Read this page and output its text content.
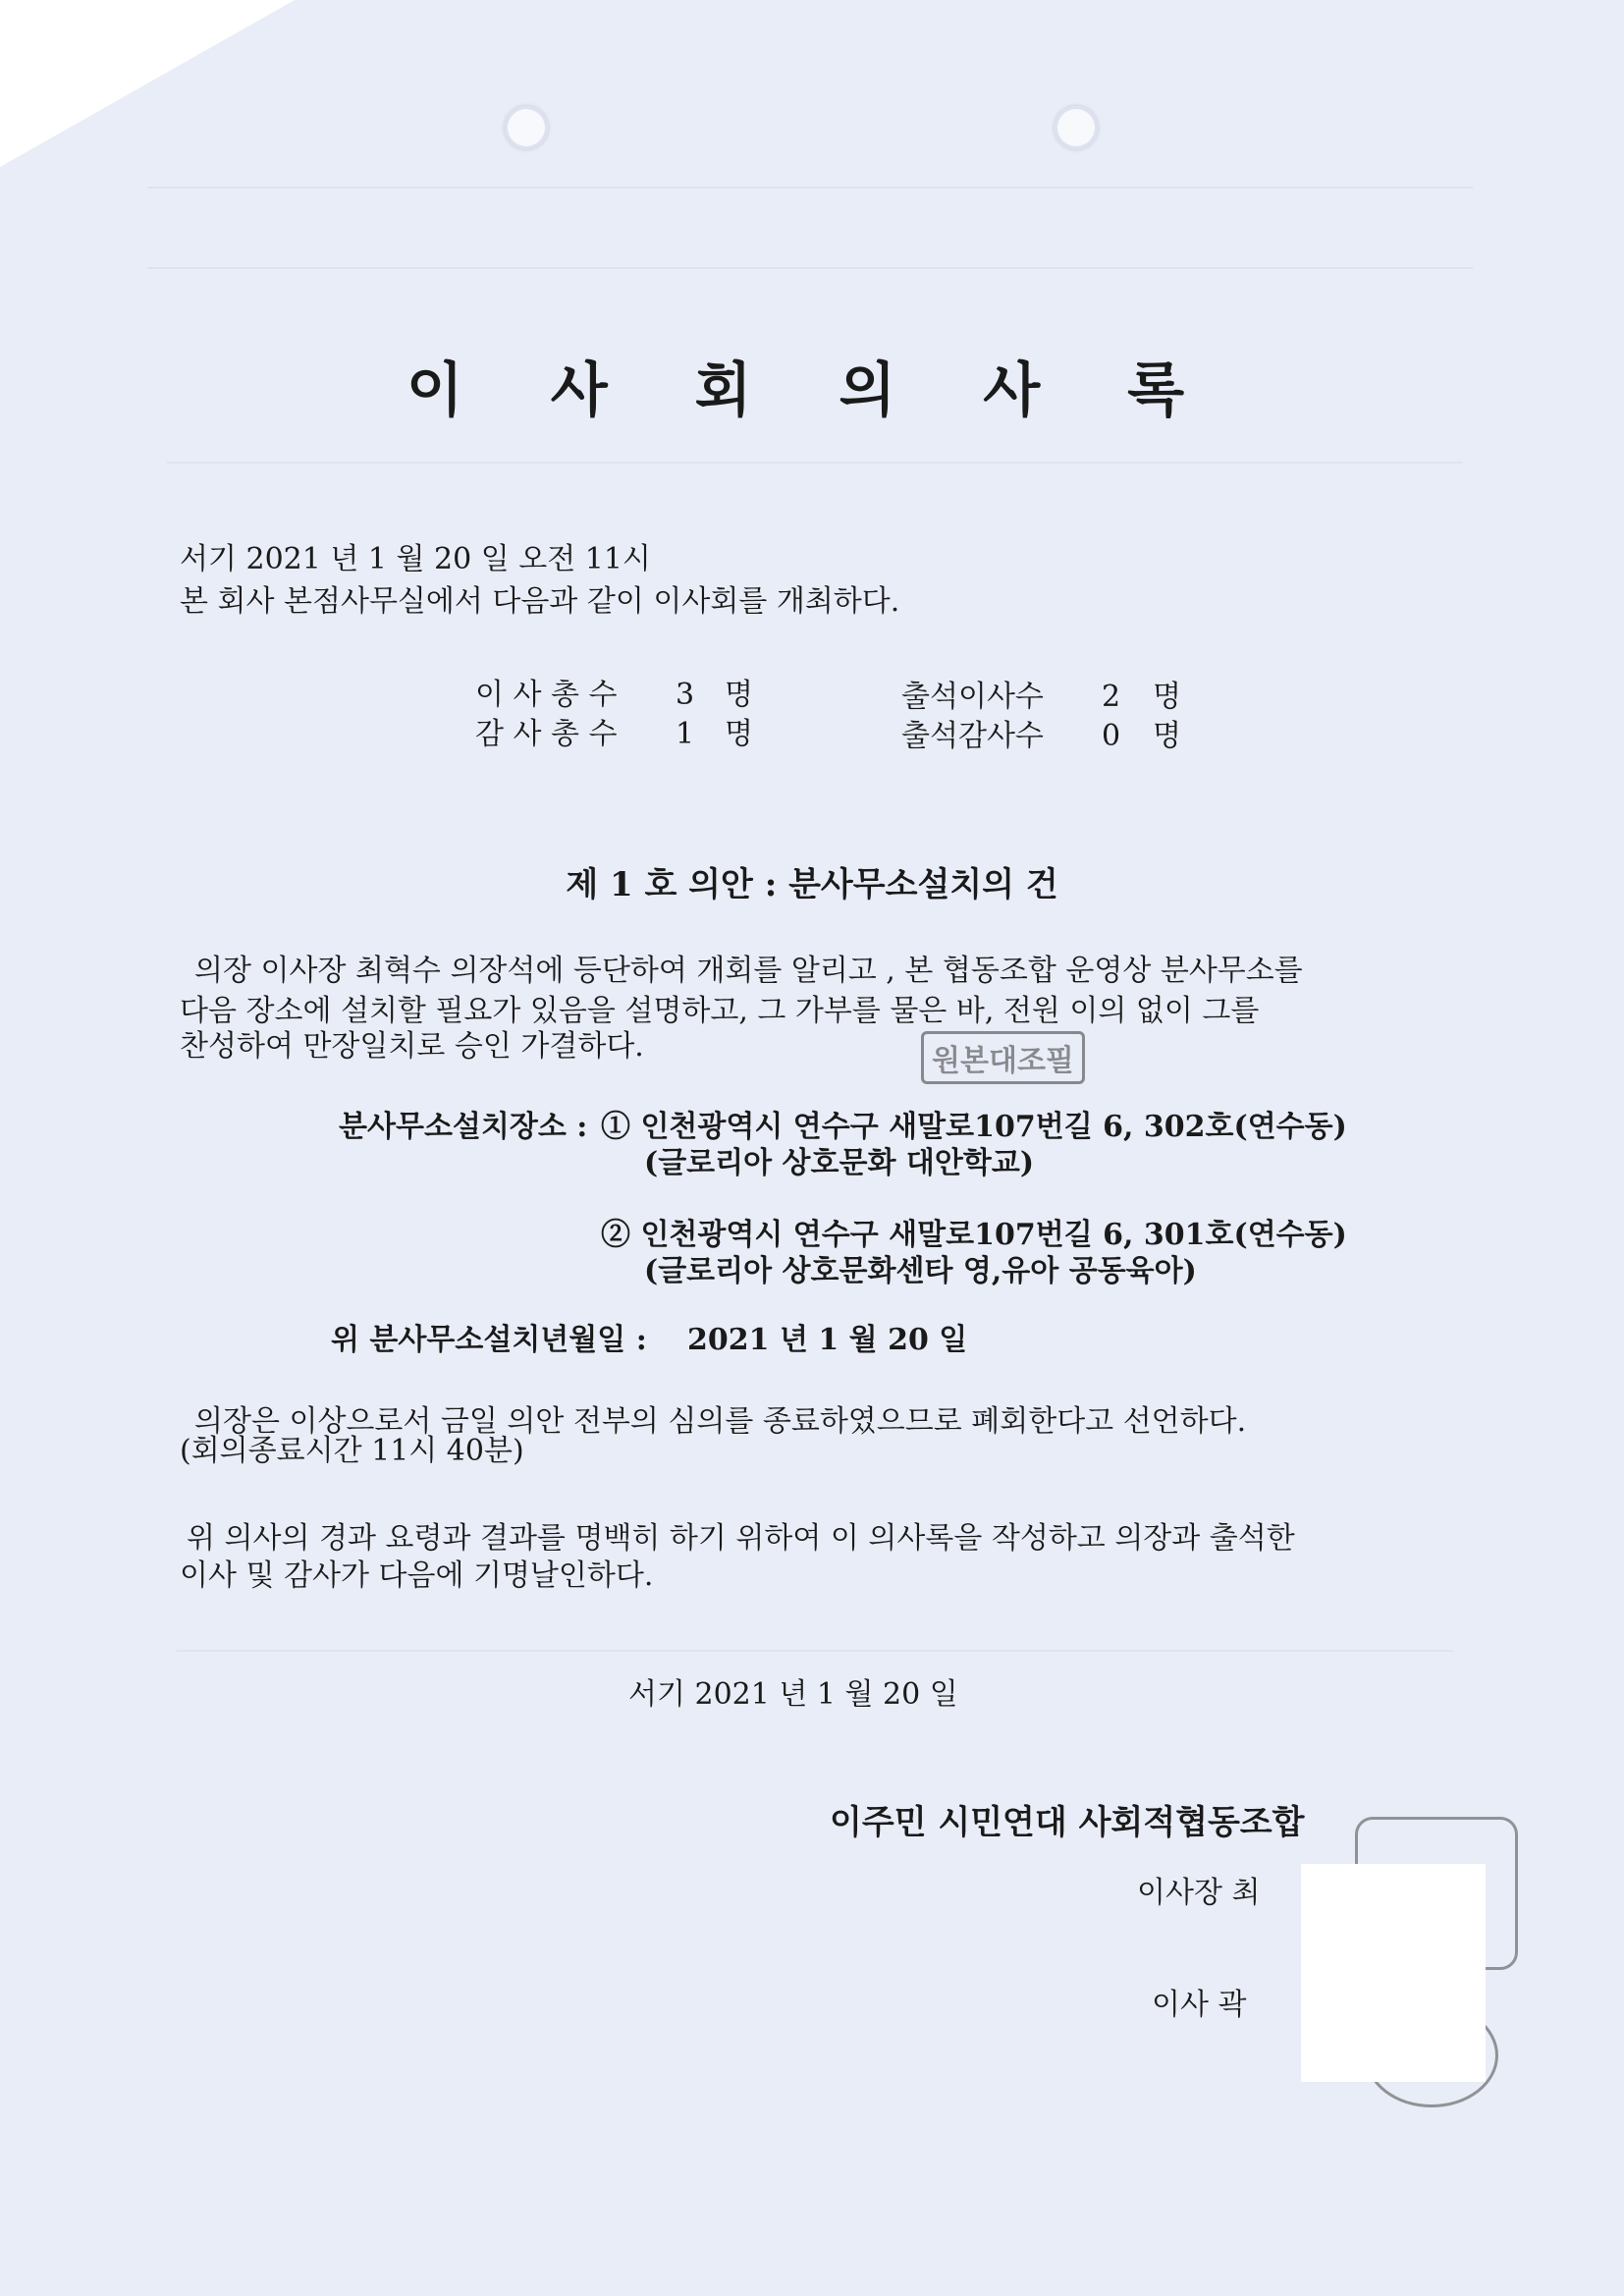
이 사 회 의 사 록
서기 2021 년 1 월 20 일 오전 11시
본 회사 본점사무실에서 다음과 같이 이사회를 개최하다.
이 사 총 수 3 명
감 사 총 수 1 명
출석이사수 2 명
출석감사수 0 명
제 1 호 의안 : 분사무소설치의 건
의장 이사장 최혁수 의장석에 등단하여 개회를 알리고 , 본 협동조합 운영상 분사무소를
다음 장소에 설치할 필요가 있음을 설명하고, 그 가부를 물은 바, 전원 이의 없이 그를
찬성하여 만장일치로 승인 가결하다.	원본대조필
분사무소설치장소 : ① 인천광역시 연수구 새말로107번길 6, 302호(연수동)
(글로리아 상호문화 대안학교)
② 인천광역시 연수구 새말로107번길 6, 301호(연수동)
(글로리아 상호문화센타 영,유아 공동육아)
위 분사무소설치년월일 : 2021 년 1 월 20 일
의장은 이상으로서 금일 의안 전부의 심의를 종료하였으므로 폐회한다고 선언하다.
(회의종료시간 11시 40분)
위 의사의 경과 요령과 결과를 명백히 하기 위하여 이 의사록을 작성하고 의장과 출석한
이사 및 감사가 다음에 기명날인하다.
서기 2021 년 1 월 20 일
이주민 시민연대 사회적협동조합
이사장 최
이사 곽
